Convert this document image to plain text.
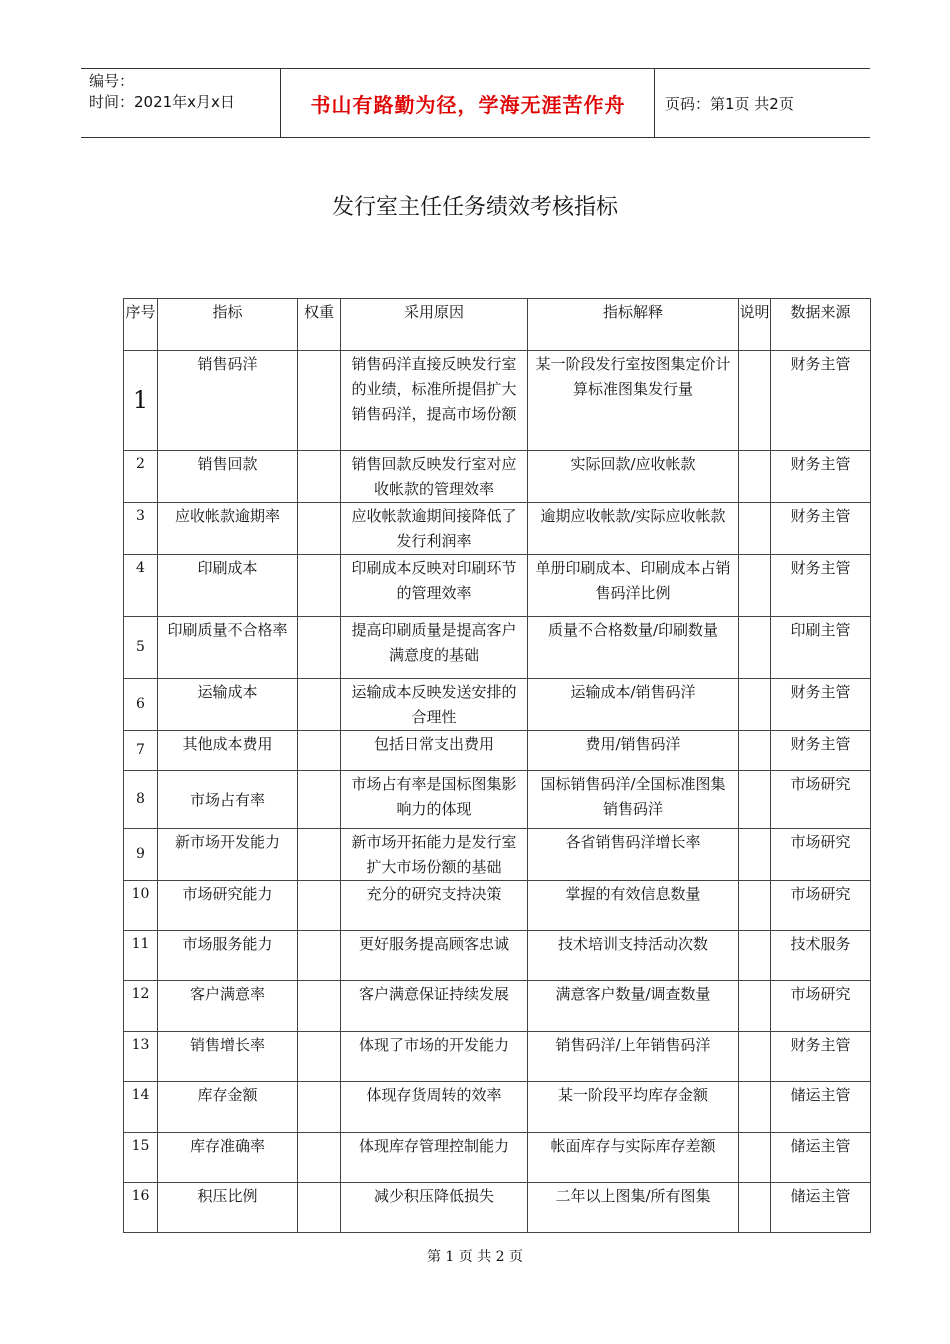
编号：
时间：2021年x月x日	书山有路勤为径，学海无涯苦作舟	页码：第1页 共2页
发行室主任任务绩效考核指标
序号	指标	权重	采用原因	指标解释	说明	数据来源
1	销售码洋		销售码洋直接反映发行室的业绩，标准所提倡扩大销售码洋，提高市场份额	某一阶段发行室按图集定价计算标准图集发行量		财务主管
2	销售回款		销售回款反映发行室对应收帐款的管理效率	实际回款/应收帐款		财务主管
3	应收帐款逾期率		应收帐款逾期间接降低了发行利润率	逾期应收帐款/实际应收帐款		财务主管
4	印刷成本		印刷成本反映对印刷环节的管理效率	单册印刷成本、印刷成本占销售码洋比例		财务主管
5	印刷质量不合格率		提高印刷质量是提高客户满意度的基础	质量不合格数量/印刷数量		印刷主管
6	运输成本		运输成本反映发送安排的合理性	运输成本/销售码洋		财务主管
7	其他成本费用		包括日常支出费用	费用/销售码洋		财务主管
8	市场占有率		市场占有率是国标图集影响力的体现	国标销售码洋/全国标准图集销售码洋		市场研究
9	新市场开发能力		新市场开拓能力是发行室扩大市场份额的基础	各省销售码洋增长率		市场研究
10	市场研究能力		充分的研究支持决策	掌握的有效信息数量		市场研究
11	市场服务能力		更好服务提高顾客忠诚	技术培训支持活动次数		技术服务
12	客户满意率		客户满意保证持续发展	满意客户数量/调查数量		市场研究
13	销售增长率		体现了市场的开发能力	销售码洋/上年销售码洋		财务主管
14	库存金额		体现存货周转的效率	某一阶段平均库存金额		储运主管
15	库存准确率		体现库存管理控制能力	帐面库存与实际库存差额		储运主管
16	积压比例		减少积压降低损失	二年以上图集/所有图集		储运主管
第 1 页 共 2 页
